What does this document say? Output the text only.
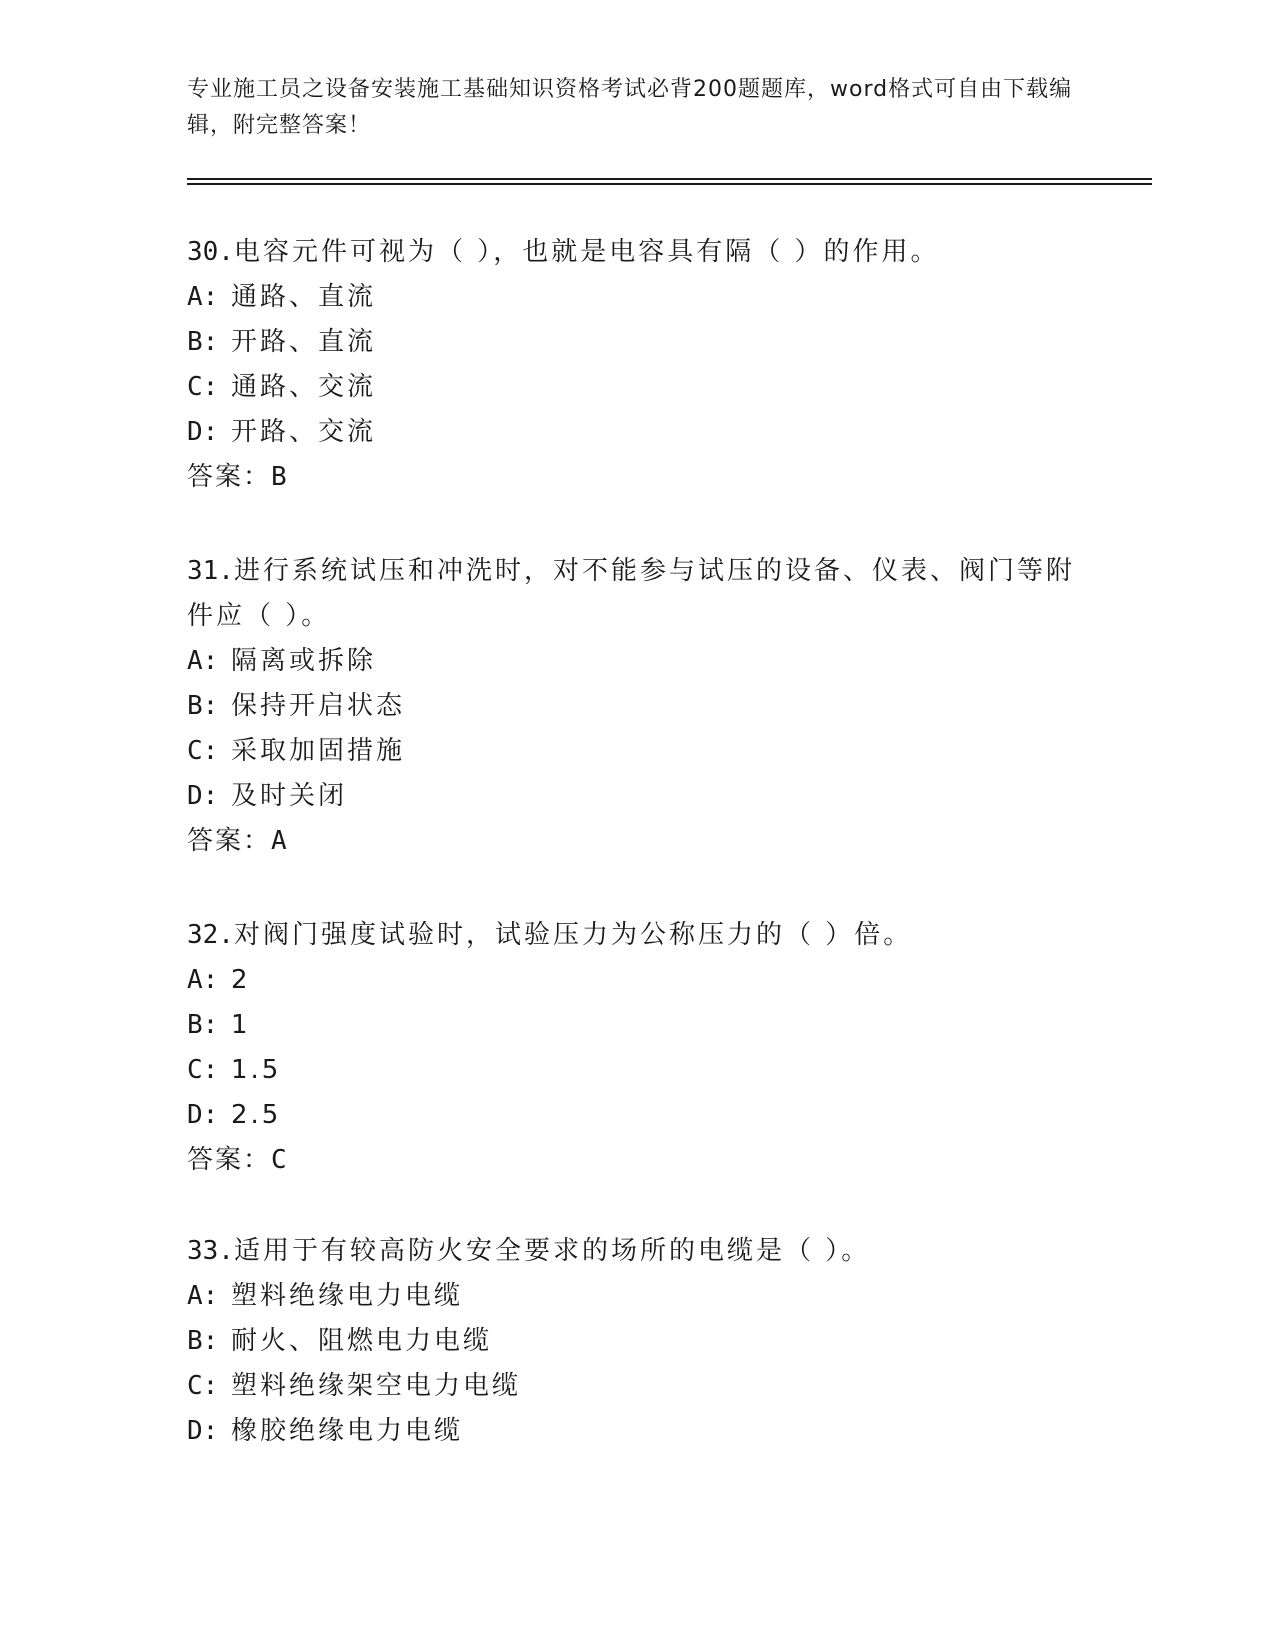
专业施工员之设备安装施工基础知识资格考试必背200题题库，word格式可自由下载编辑，附完整答案！
30.电容元件可视为（ ），也就是电容具有隔（ ）的作用。
A: 通路、直流
B: 开路、直流
C: 通路、交流
D: 开路、交流
答案：B
31.进行系统试压和冲洗时，对不能参与试压的设备、仪表、阀门等附件应（ ）。
A: 隔离或拆除
B: 保持开启状态
C: 采取加固措施
D: 及时关闭
答案：A
32.对阀门强度试验时，试验压力为公称压力的（ ）倍。
A: 2
B: 1
C: 1.5
D: 2.5
答案：C
33.适用于有较高防火安全要求的场所的电缆是（ ）。
A: 塑料绝缘电力电缆
B: 耐火、阻燃电力电缆
C: 塑料绝缘架空电力电缆
D: 橡胶绝缘电力电缆
